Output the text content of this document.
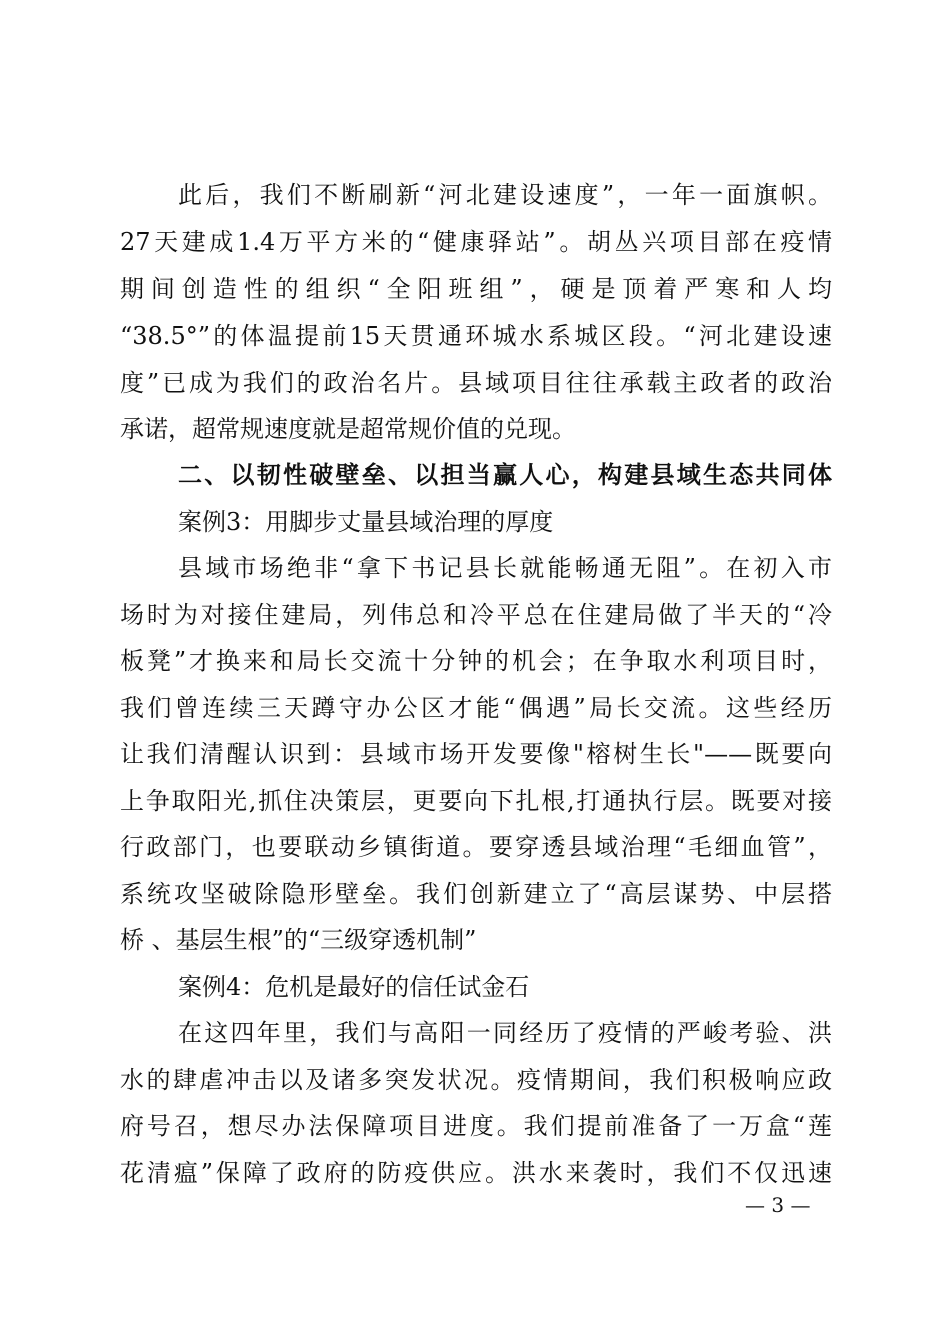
此后，我们不断刷新“河北建设速度”，一年一面旗帜。
27天建成1.4万平方米的“健康驿站”。胡丛兴项目部在疫情
期间创造性的组织“全阳班组”，硬是顶着严寒和人均
“38.5°”的体温提前15天贯通环城水系城区段。“河北建设速
度”已成为我们的政治名片。县域项目往往承载主政者的政治
承诺，超常规速度就是超常规价值的兑现。
二、以韧性破壁垒、以担当赢人心，构建县域生态共同体
案例3：用脚步丈量县域治理的厚度
县域市场绝非“拿下书记县长就能畅通无阻”。在初入市
场时为对接住建局，列伟总和冷平总在住建局做了半天的“冷
板凳”才换来和局长交流十分钟的机会；在争取水利项目时，
我们曾连续三天蹲守办公区才能“偶遇”局长交流。这些经历
让我们清醒认识到：县域市场开发要像"榕树生长"——既要向
上争取阳光,抓住决策层，更要向下扎根,打通执行层。既要对接
行政部门，也要联动乡镇街道。要穿透县域治理“毛细血管”，
系统攻坚破除隐形壁垒。我们创新建立了“高层谋势、中层搭
桥 、基层生根”的“三级穿透机制”
案例4：危机是最好的信任试金石
在这四年里，我们与高阳一同经历了疫情的严峻考验、洪
水的肆虐冲击以及诸多突发状况。疫情期间，我们积极响应政
府号召，想尽办法保障项目进度。我们提前准备了一万盒“莲
花清瘟”保障了政府的防疫供应。洪水来袭时，我们不仅迅速
— 3 —
